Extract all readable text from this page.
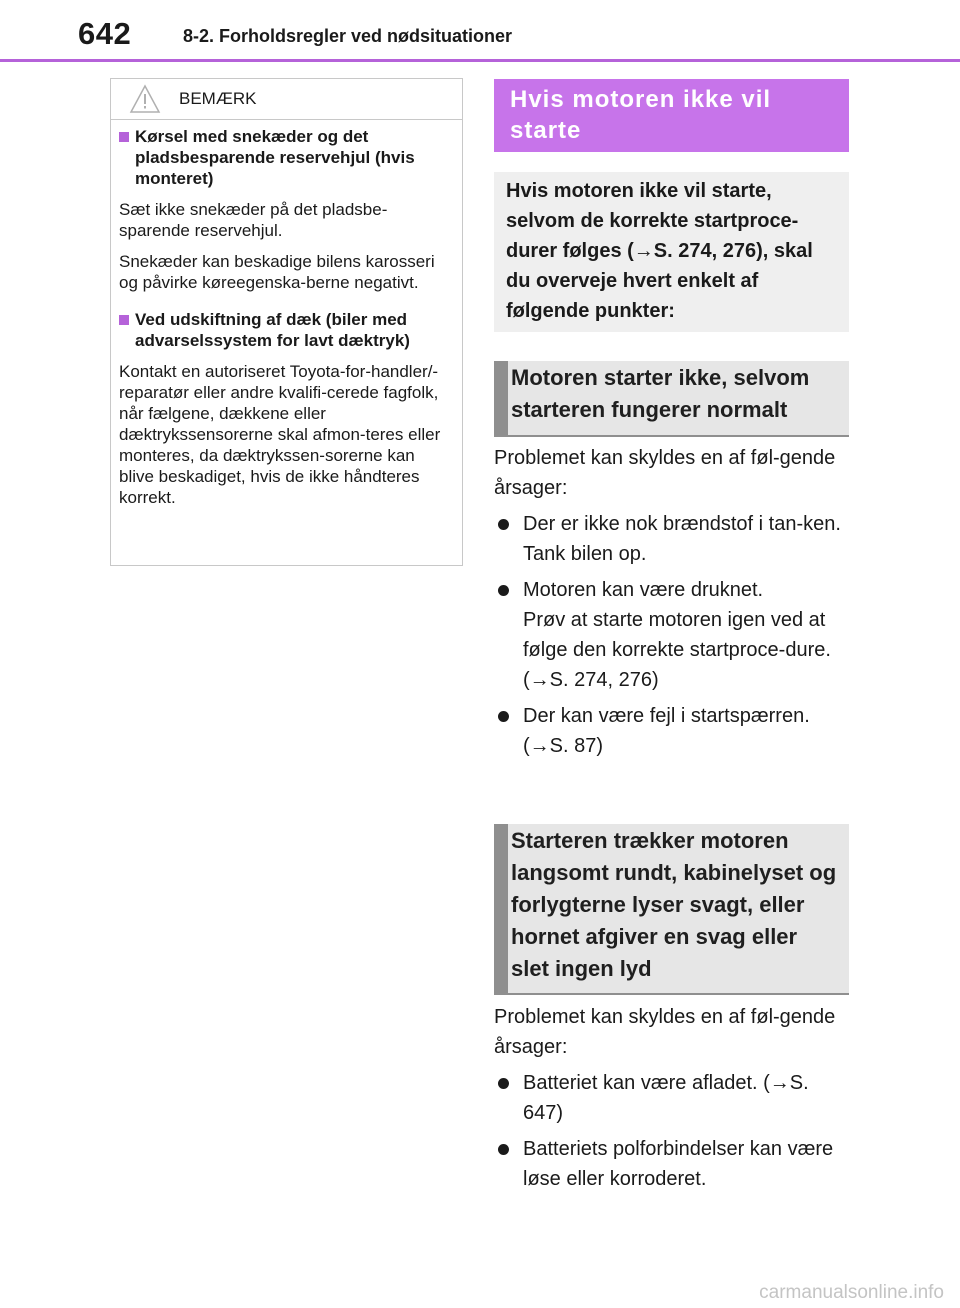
642	8-2. Forholdsregler ved nødsituationer
BEMÆRK
Kørsel med snekæder og det pladsbesparende reservehjul (hvis monteret)
Sæt ikke snekæder på det pladsbe-sparende reservehjul.
Snekæder kan beskadige bilens karosseri og påvirke køreegenska-berne negativt.
Ved udskiftning af dæk (biler med advarselssystem for lavt dæktryk)
Kontakt en autoriseret Toyota-for-handler/-reparatør eller andre kvalifi-cerede fagfolk, når fælgene, dækkene eller dæktrykssensorerne skal afmon-teres eller monteres, da dæktrykssen-sorerne kan blive beskadiget, hvis de ikke håndteres korrekt.
Hvis motoren ikke vil starte
Hvis motoren ikke vil starte, selvom de korrekte startproce-durer følges (→S. 274, 276), skal du overveje hvert enkelt af følgende punkter:
Motoren starter ikke, selvom starteren fungerer normalt
Problemet kan skyldes en af føl-gende årsager:
Der er ikke nok brændstof i tan-ken.
Tank bilen op.
Motoren kan være druknet.
Prøv at starte motoren igen ved at følge den korrekte startproce-dure. (→S. 274, 276)
Der kan være fejl i startspærren. (→S. 87)
Starteren trækker motoren langsomt rundt, kabinelyset og forlygterne lyser svagt, eller hornet afgiver en svag eller slet ingen lyd
Problemet kan skyldes en af føl-gende årsager:
Batteriet kan være afladet. (→S. 647)
Batteriets polforbindelser kan være løse eller korroderet.
carmanualsonline.info
